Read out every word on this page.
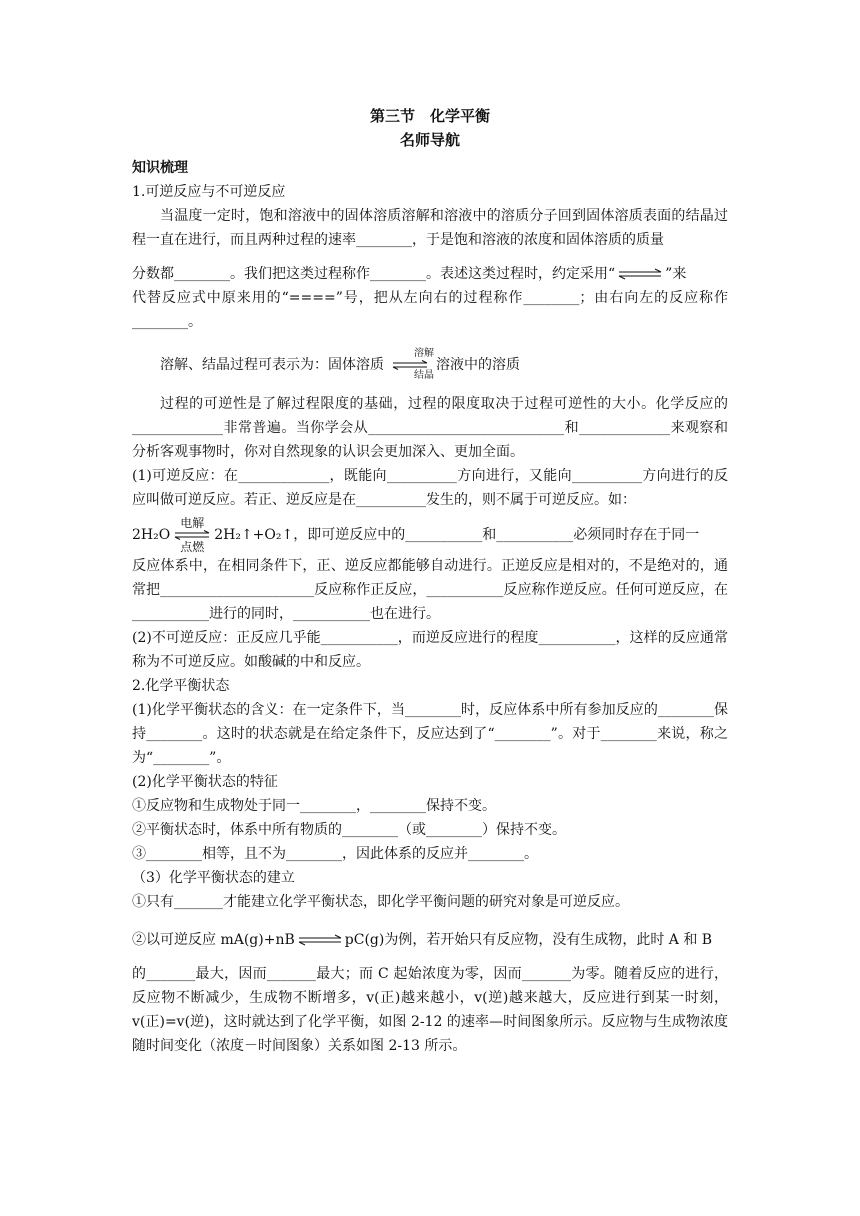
第三节　化学平衡
名师导航
知识梳理

1.可逆反应与不可逆反应

当温度一定时，饱和溶液中的固体溶质溶解和溶液中的溶质分子回到固体溶质表面的结晶过程一直在进行，而且两种过程的速率________，于是饱和溶液的浓度和固体溶质的质量

分数都________。我们把这类过程称作________。表述这类过程时，约定采用“ ⇌ ”来

代替反应式中原来用的“====”号，把从左向右的过程称作________；由右向左的反应称作________。

溶解、结晶过程可表示为：固体溶质
溶解
结晶
溶液中的溶质

过程的可逆性是了解过程限度的基础，过程的限度取决于过程可逆性的大小。化学反应的_____________非常普遍。当你学会从____________________________和_____________来观察和分析客观事物时，你对自然现象的认识会更加深入、更加全面。

(1)可逆反应：在_____________，既能向__________方向进行，又能向__________方向进行的反应叫做可逆反应。若正、逆反应是在__________发生的，则不属于可逆反应。如：

2H₂O
电解
点燃
2H₂↑+O₂↑，即可逆反应中的___________和___________必须同时存在于同一

反应体系中，在相同条件下，正、逆反应都能够自动进行。正逆反应是相对的，不是绝对的，通常把______________________反应称作正反应，___________反应称作逆反应。任何可逆反应，在___________进行的同时，___________也在进行。

(2)不可逆反应：正反应几乎能___________，而逆反应进行的程度___________，这样的反应通常称为不可逆反应。如酸碱的中和反应。

2.化学平衡状态

(1)化学平衡状态的含义：在一定条件下，当________时，反应体系中所有参加反应的________保持________。这时的状态就是在给定条件下，反应达到了“________”。对于________来说，称之为“________”。

(2)化学平衡状态的特征

①反应物和生成物处于同一________，________保持不变。

②平衡状态时，体系中所有物质的________（或________）保持不变。

③________相等，且不为________，因此体系的反应并________。

（3）化学平衡状态的建立

①只有_______才能建立化学平衡状态，即化学平衡问题的研究对象是可逆反应。

②以可逆反应 mA(g)+nB ⇌ pC(g)为例，若开始只有反应物，没有生成物，此时 A 和 B

的_______最大，因而_______最大；而 C 起始浓度为零，因而_______为零。随着反应的进行，反应物不断减少，生成物不断增多，v(正)越来越小，v(逆)越来越大，反应进行到某一时刻，v(正)=v(逆)，这时就达到了化学平衡，如图 2-12 的速率—时间图象所示。反应物与生成物浓度随时间变化（浓度－时间图象）关系如图 2-13 所示。
